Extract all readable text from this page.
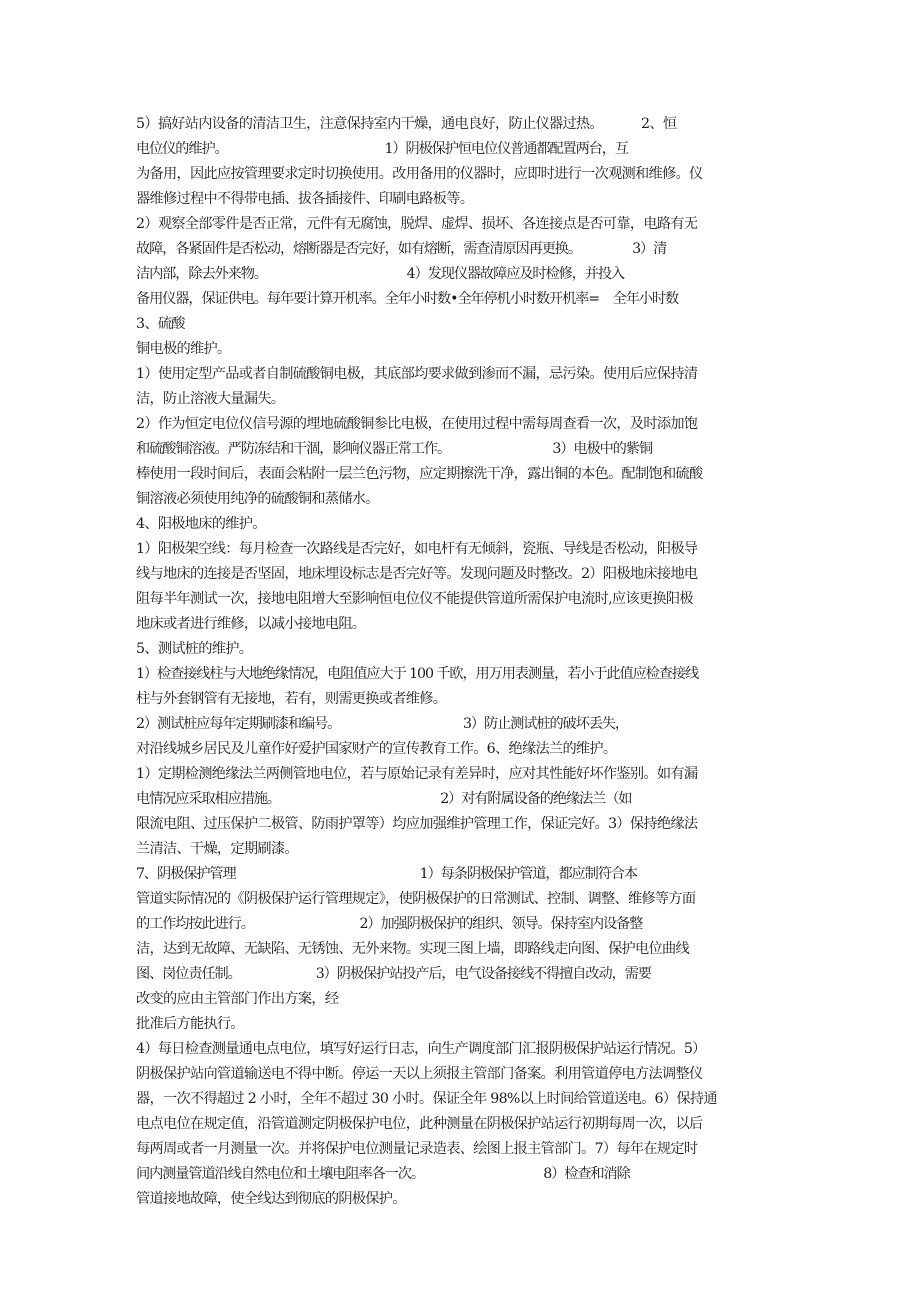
5）搞好站内设备的清洁卫生，注意保持室内干燥，通电良好，防止仪器过热。          2、恒
电位仪的维护。                                              1）阴极保护恒电位仪普通都配置两台，互
为备用，因此应按管理要求定时切换使用。改用备用的仪器时，应即时进行一次观测和维修。仪
器维修过程中不得带电插、拔各插接件、印刷电路板等。
2）观察全部零件是否正常，元件有无腐蚀，脱焊、虚焊、损坏、各连接点是否可靠，电路有无
故障，各紧固件是否松动，熔断器是否完好，如有熔断，需查清原因再更换。               3）清
洁内部，除去外来物。                                         4）发现仪器故障应及时检修，并投入
备用仪器，保证供电。每年要计算开机率。全年小时数•全年停机小时数开机率=    全年小时数
3、硫酸
铜电极的维护。
1）使用定型产品或者自制硫酸铜电极，其底部均要求做到渗而不漏，忌污染。使用后应保持清
洁，防止溶液大量漏失。
2）作为恒定电位仪信号源的埋地硫酸铜参比电极，在使用过程中需每周查看一次，及时添加饱
和硫酸铜溶液。严防冻结和干涸，影响仪器正常工作。                              3）电极中的紫铜
棒使用一段时间后，表面会粘附一层兰色污物，应定期擦洗干净，露出铜的本色。配制饱和硫酸
铜溶液必须使用纯净的硫酸铜和蒸储水。
4、阳极地床的维护。
1）阳极架空线：每月检查一次路线是否完好，如电杆有无倾斜，瓷瓶、导线是否松动，阳极导
线与地床的连接是否坚固，地床埋设标志是否完好等。发现问题及时整改。2）阳极地床接地电
阻每半年测试一次，接地电阻增大至影响恒电位仪不能提供管道所需保护电流时,应该更换阳极
地床或者进行维修，以减小接地电阻。
5、测试桩的维护。
1）检查接线柱与大地绝缘情况，电阻值应大于 100 千欧，用万用表测量，若小于此值应检查接线
柱与外套钢管有无接地，若有，则需更换或者维修。
2）测试桩应每年定期刷漆和编号。                                    3）防止测试桩的破坏丢失，
对沿线城乡居民及儿童作好爱护国家财产的宣传教育工作。6、绝缘法兰的维护。
1）定期检测绝缘法兰两侧管地电位，若与原始记录有差异时，应对其性能好坏作鉴别。如有漏
电情况应采取相应措施。                                               2）对有附属设备的绝缘法兰（如
限流电阻、过压保护二极管、防雨护罩等）均应加强维护管理工作，保证完好。3）保持绝缘法
兰清洁、干燥，定期刷漆。
7、阴极保护管理                                                      1）每条阴极保护管道，都应制符合本
管道实际情况的《阴极保护运行管理规定》，使阴极保护的日常测试、控制、调整、维修等方面
的工作均按此进行。                               2）加强阴极保护的组织、领导。保持室内设备整
洁，达到无故障、无缺陷、无锈蚀、无外来物。实现三图上墙，即路线走向图、保护电位曲线
图、岗位责任制。                      3）阴极保护站投产后，电气设备接线不得擅自改动，需要
改变的应由主管部门作出方案，经
批准后方能执行。
4）每日检查测量通电点电位，填写好运行日志，向生产调度部门汇报阴极保护站运行情况。5）
阴极保护站向管道输送电不得中断。停运一天以上须报主管部门备案。利用管道停电方法调整仪
器，一次不得超过 2 小时，全年不超过 30 小时。保证全年 98%以上时间给管道送电。6）保持通
电点电位在规定值，沿管道测定阴极保护电位，此种测量在阴极保护站运行初期每周一次，以后
每两周或者一月测量一次。并将保护电位测量记录造表、绘图上报主管部门。7）每年在规定时
间内测量管道沿线自然电位和土壤电阻率各一次。                                   8）检查和消除
管道接地故障，使全线达到彻底的阴极保护。
